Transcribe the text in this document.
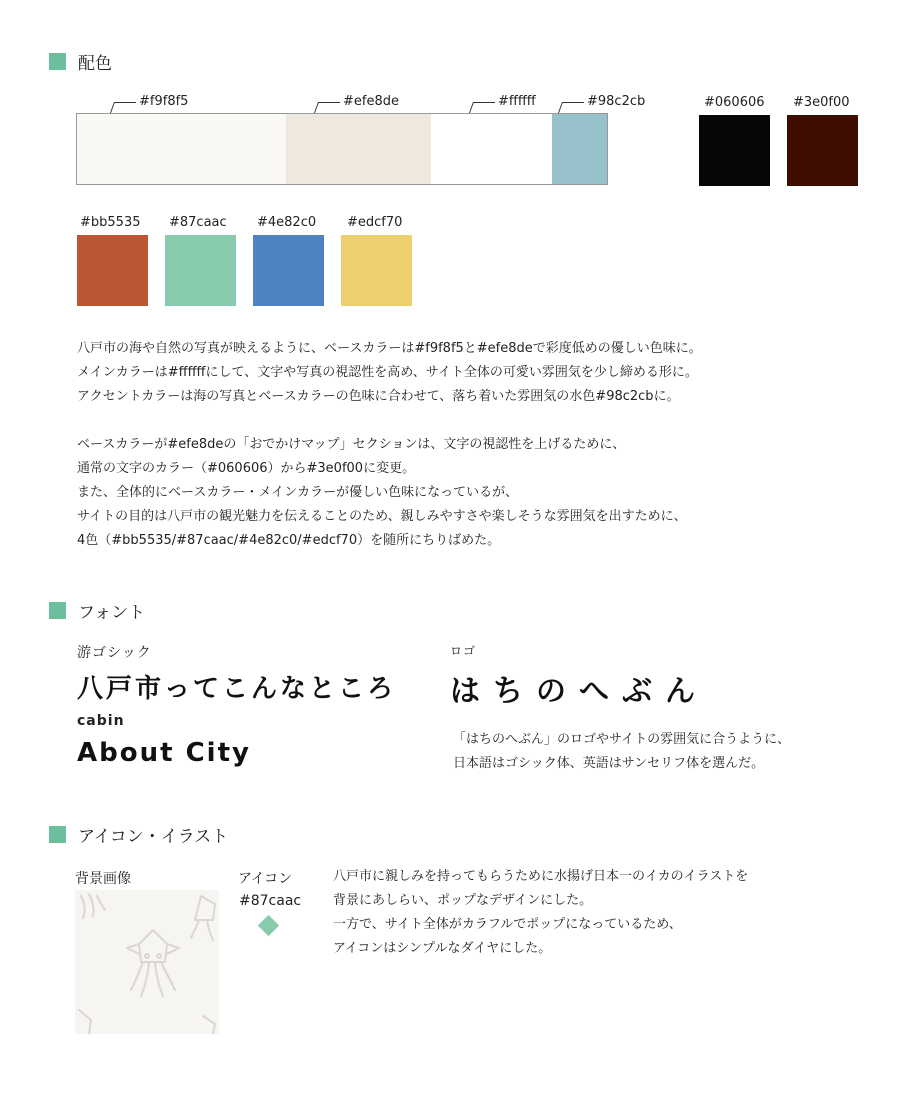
配色
#f9f8f5	#efe8de	#ffffff	#98c2cb	#060606 #3e0f00
#bb5535 #87caac #4e82c0 #edcf70
八戸市の海や自然の写真が映えるように、ベースカラーは#f9f8f5と#efe8deで彩度低めの優しい色味に。
メインカラーは#ffffffにして、文字や写真の視認性を高め、サイト全体の可愛い雰囲気を少し締める形に。
アクセントカラーは海の写真とベースカラーの色味に合わせて、落ち着いた雰囲気の水色#98c2cbに。
ベースカラーが#efe8deの「おでかけマップ」セクションは、文字の視認性を上げるために、
通常の文字のカラー（#060606）から#3e0f00に変更。
また、全体的にベースカラー・メインカラーが優しい色味になっているが、
サイトの目的は八戸市の観光魅力を伝えることのため、親しみやすさや楽しそうな雰囲気を出すために、
4色（#bb5535/#87caac/#4e82c0/#edcf70）を随所にちりばめた。
フォント
游ゴシック
八戸市ってこんなところ
ロゴ
はちのへぶん
cabin
About City	「はちのへぶん」のロゴやサイトの雰囲気に合うように、
日本語はゴシック体、英語はサンセリフ体を選んだ。
アイコン・イラスト
背景画像	アイコン
#87caac
八戸市に親しみを持ってもらうために水揚げ日本一のイカのイラストを
背景にあしらい、ポップなデザインにした。
一方で、サイト全体がカラフルでポップになっているため、
アイコンはシンプルなダイヤにした。
